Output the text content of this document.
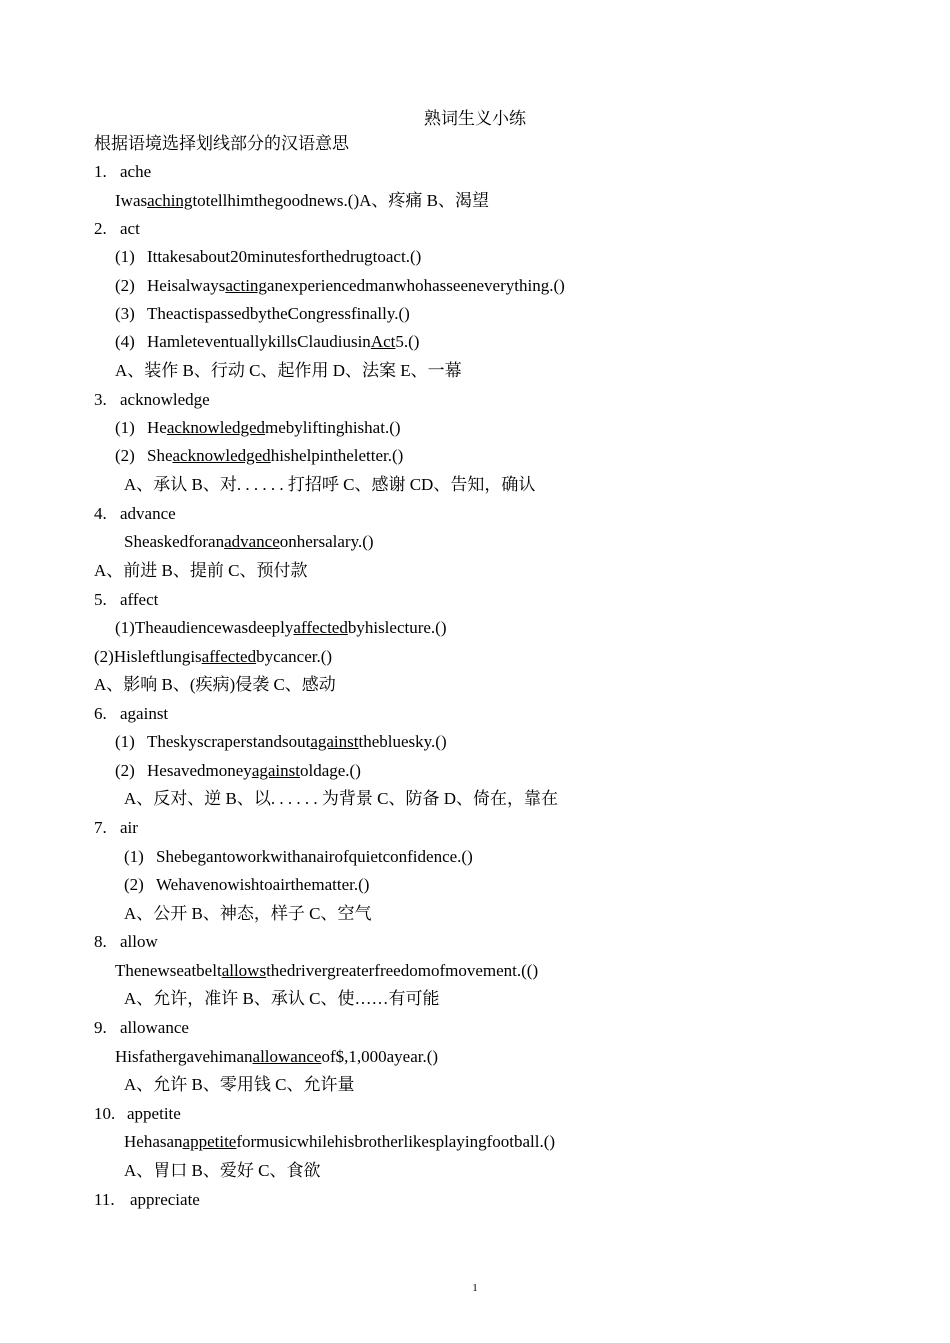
熟词生义小练
根据语境选择划线部分的汉语意思
1. ache
Iwasachingtotellhimthegoodnews.()A、疼痛 B、渴望
2. act
(1) Ittakesabout20minutesforthedrugtoact.()
(2) Heisalwaysactinganexperiencedmanwhohasseeneverything.()
(3) TheactispassedbytheCongressfinally.()
(4) HamleteventuallykillsClaudiusinAct5.()
A、装作 B、行动 C、起作用 D、法案 E、一幕
3. acknowledge
(1) Heacknowledgedmebyliftinghishat.()
(2) Sheacknowledgedhishelpintheletter.()
A、承认 B、对. . . . . . 打招呼 C、感谢 CD、告知，确认
4. advance
Sheaskedforanadvanceonhersalary.()
A、前进 B、提前 C、预付款
5. affect
(1)Theaudiencewasdeeplyaffectedbyhislecture.()
(2)Hisleftlungisaffectedbycancer.()
A、影响 B、(疾病)侵袭 C、感动
6. against
(1) Theskyscraperstandsoutagainstthebluesky.()
(2) Hesavedmoneyagainstoldage.()
A、反对、逆 B、以. . . . . . 为背景 C、防备 D、倚在，靠在
7. air
(1) Shebegantoworkwithanairofquietconfidence.()
(2) Wehavenowishtoairthematter.()
A、公开 B、神态，样子 C、空气
8. allow
Thenewseatbeltallowsthedrivergreaterfreedomofmovement.(()
A、允许，准许 B、承认 C、使……有可能
9. allowance
Hisfathergavehimanallowanceof$,1,000ayear.()
A、允许 B、零用钱 C、允许量
10. appetite
Hehasanappetiteformusicwhilehisbrotherlikesplayingfootball.()
A、胃口 B、爱好 C、食欲
11. appreciate
1
